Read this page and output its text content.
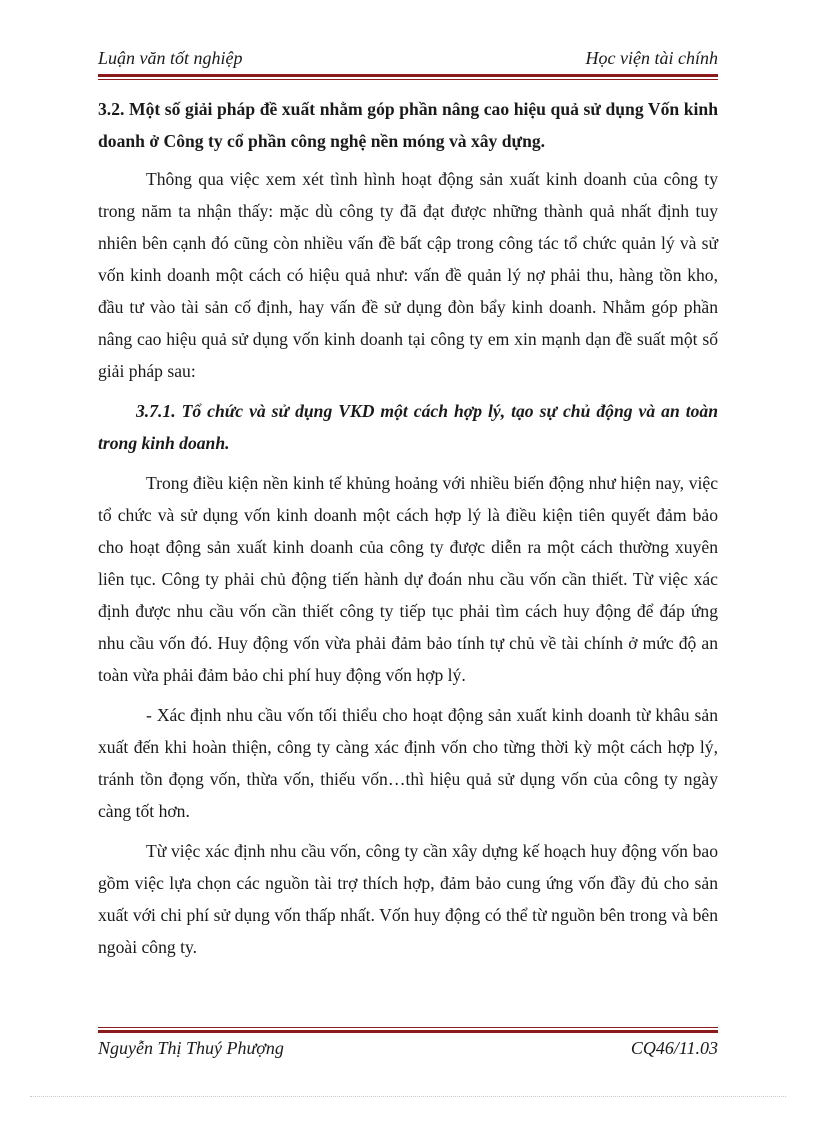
Luận văn tốt nghiệp	Học viện tài chính

3.2. Một số giải pháp đề xuất nhằm góp phần nâng cao hiệu quả sử dụng Vốn kinh doanh ở Công ty cổ phần công nghệ nền móng và xây dựng.

Thông qua việc xem xét tình hình hoạt động sản xuất kinh doanh của công ty trong năm ta nhận thấy: mặc dù công ty đã đạt được những thành quả nhất định tuy nhiên bên cạnh đó cũng còn nhiều vấn đề bất cập trong công tác tổ chức quản lý và sử vốn kinh doanh một cách có hiệu quả như: vấn đề quản lý nợ phải thu, hàng tồn kho, đầu tư vào tài sản cố định, hay vấn đề sử dụng đòn bẩy kinh doanh. Nhằm góp phần nâng cao hiệu quả sử dụng vốn kinh doanh tại công ty em xin mạnh dạn đề suất một số giải pháp sau:

3.7.1. Tổ chức và sử dụng VKD một cách hợp lý, tạo sự chủ động và an toàn trong kinh doanh.

Trong điều kiện nền kinh tế khủng hoảng với nhiều biến động như hiện nay, việc tổ chức và sử dụng vốn kinh doanh một cách hợp lý là điều kiện tiên quyết đảm bảo cho hoạt động sản xuất kinh doanh của công ty được diễn ra một cách thường xuyên liên tục. Công ty phải chủ động tiến hành dự đoán nhu cầu vốn cần thiết. Từ việc xác định được nhu cầu vốn cần thiết công ty tiếp tục phải tìm cách huy động để đáp ứng nhu cầu vốn đó. Huy động vốn vừa phải đảm bảo tính tự chủ về tài chính ở mức độ an toàn vừa phải đảm bảo chi phí huy động vốn hợp lý.

- Xác định nhu cầu vốn tối thiểu cho hoạt động sản xuất kinh doanh từ khâu sản xuất đến khi hoàn thiện, công ty càng xác định vốn cho từng thời kỳ một cách hợp lý, tránh tồn đọng vốn, thừa vốn, thiếu vốn…thì hiệu quả sử dụng vốn của công ty ngày càng tốt hơn.

Từ việc xác định nhu cầu vốn, công ty cần xây dựng kế hoạch huy động vốn bao gồm việc lựa chọn các nguồn tài trợ thích hợp, đảm bảo cung ứng vốn đầy đủ cho sản xuất với chi phí sử dụng vốn thấp nhất. Vốn huy động có thể từ nguồn bên trong và bên ngoài công ty.

Nguyễn Thị Thuý Phượng	CQ46/11.03
